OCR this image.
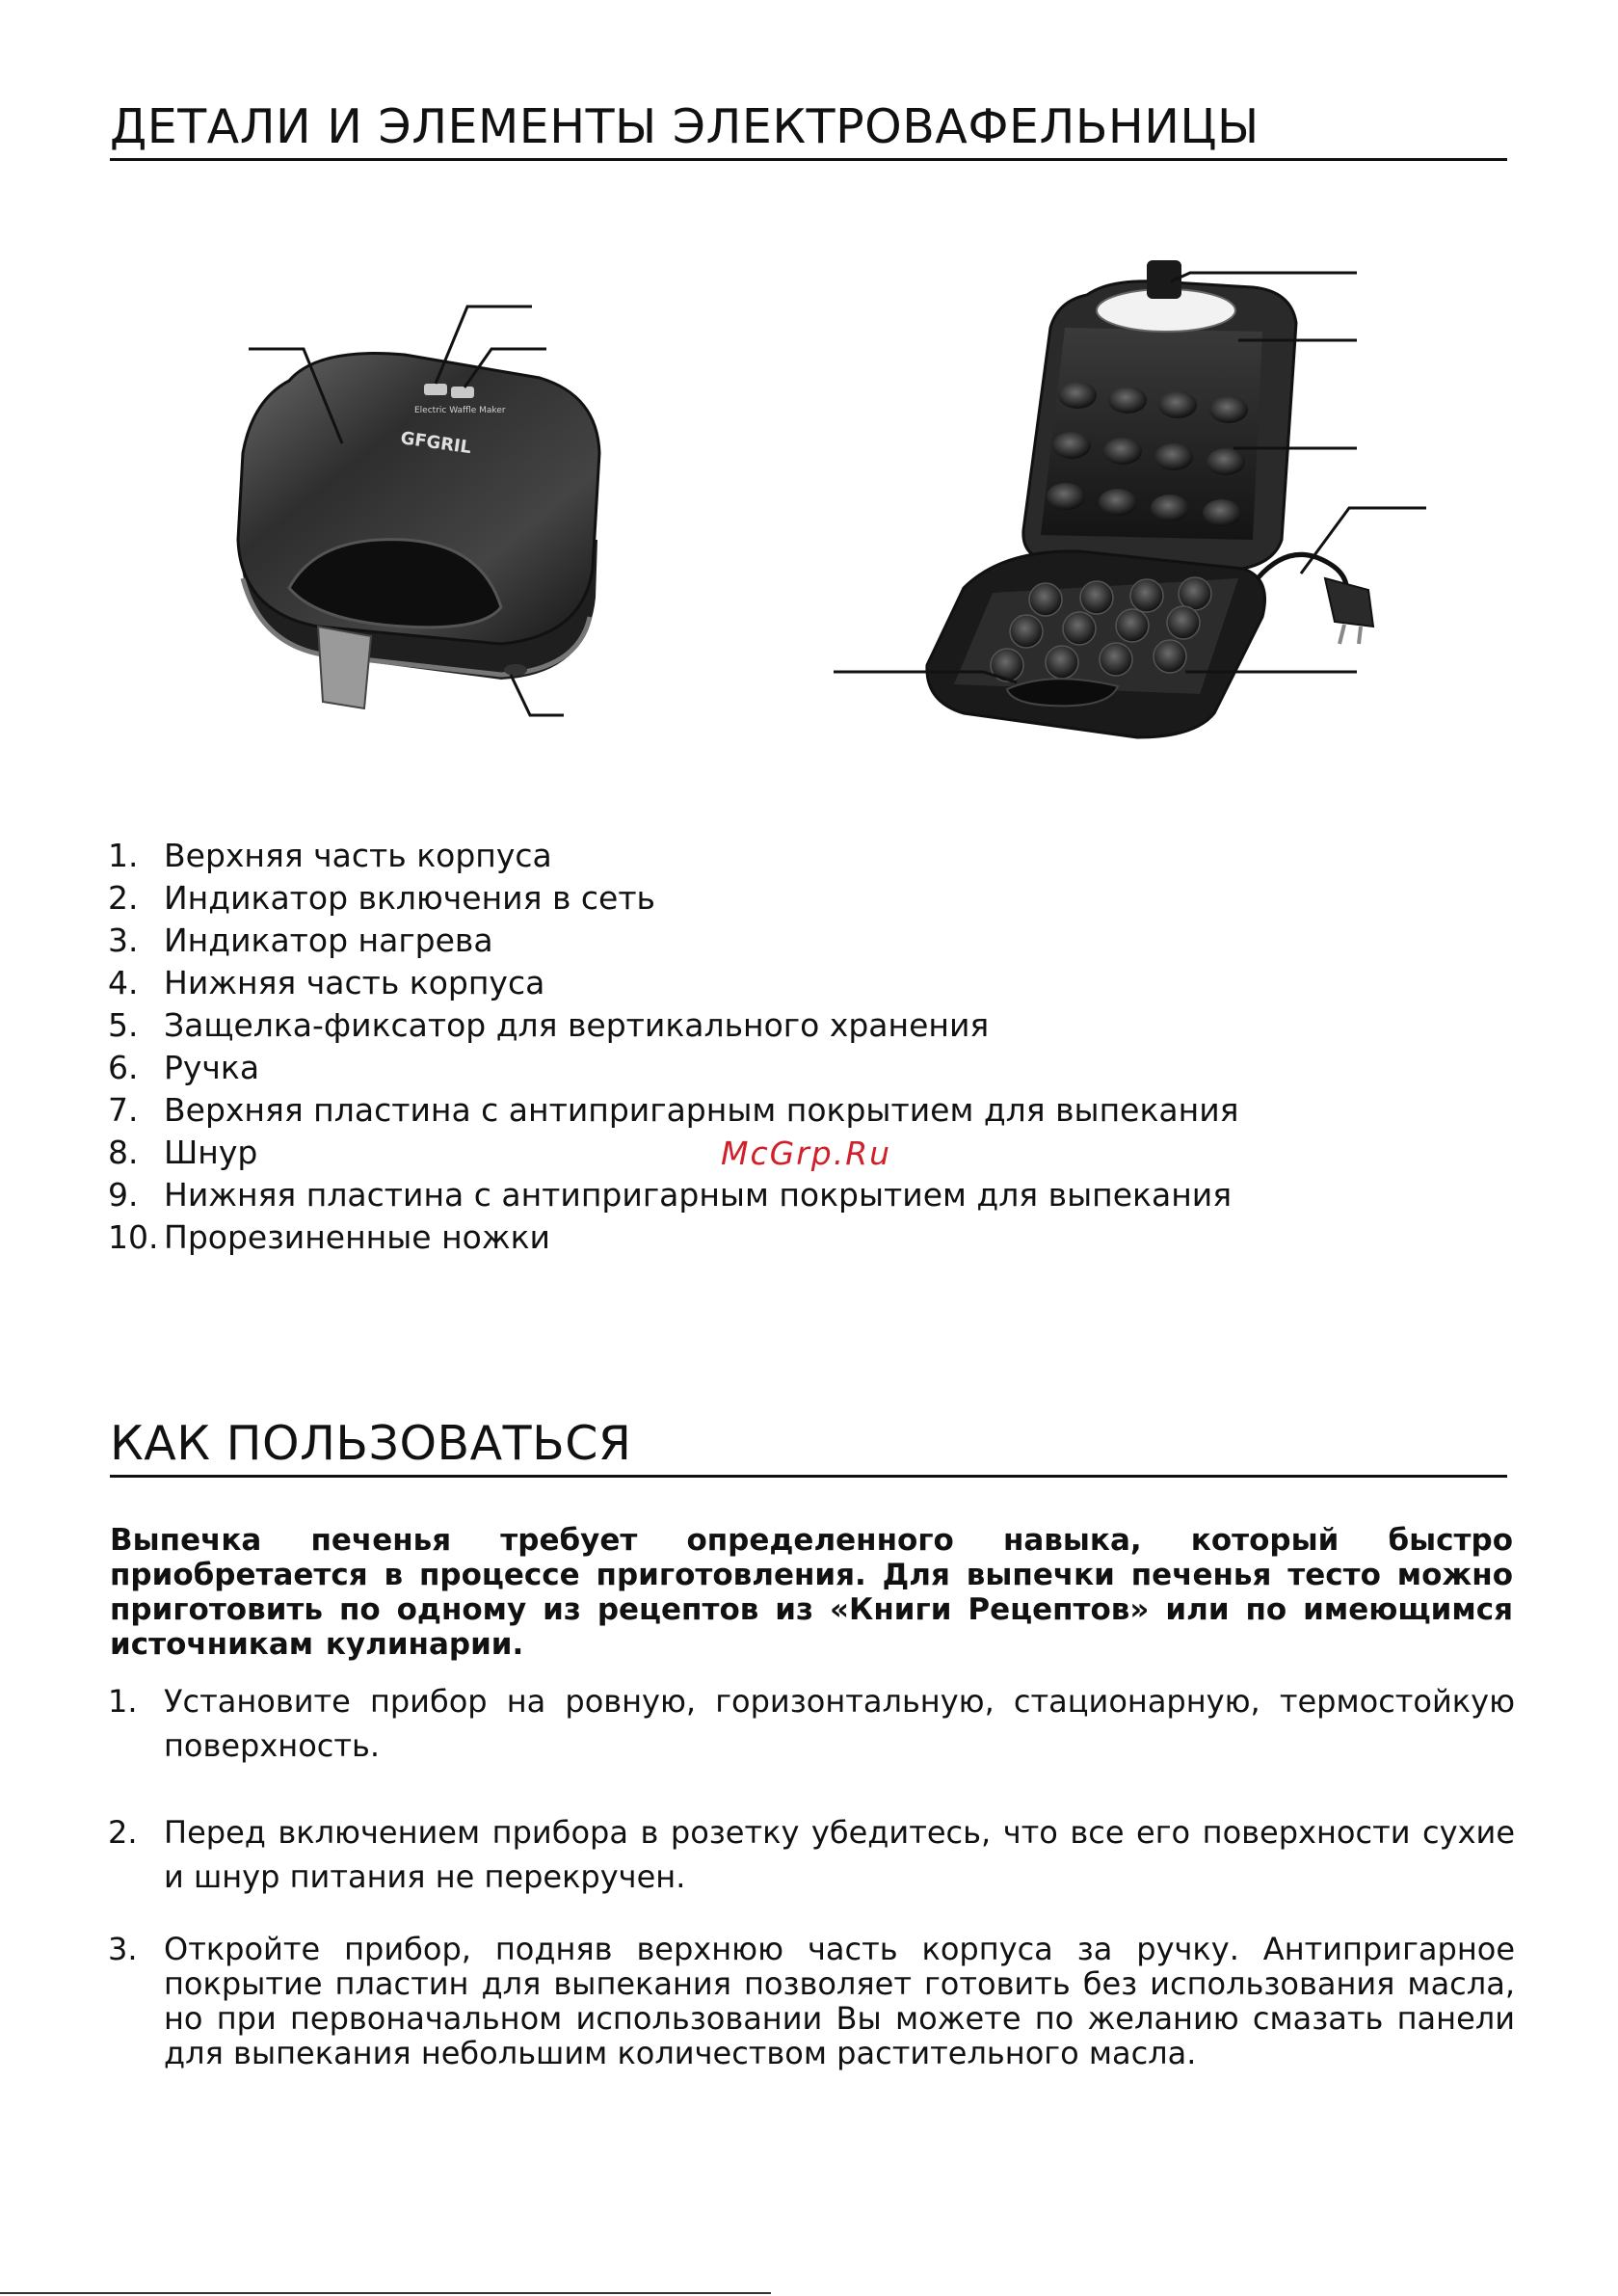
ДЕТАЛИ И ЭЛЕМЕНТЫ ЭЛЕКТРОВАФЕЛЬНИЦЫ
Electric Waffle Maker
GFGRIL
1. Верхняя часть корпуса
2. Индикатор включения в сеть
3. Индикатор нагрева
4. Нижняя часть корпуса
5. Защелка-фиксатор для вертикального хранения
6. Ручка
7. Верхняя пластина с антипригарным покрытием для выпекания
8. Шнур
9. Нижняя пластина с антипригарным покрытием для выпекания
10. Прорезиненные ножки
McGrp.Ru
КАК ПОЛЬЗОВАТЬСЯ

Выпечка печенья требует определенного навыка, который быстро приобретается в процессе приготовления. Для выпечки печенья тесто можно приготовить по одному из рецептов из «Книги Рецептов» или по имеющимся источникам кулинарии.

1. Установите прибор на ровную, горизонтальную, стационарную, термостойкую поверхность.
2. Перед включением прибора в розетку убедитесь, что все его поверхности сухие и шнур питания не перекручен.
3. Откройте прибор, подняв верхнюю часть корпуса за ручку. Антипригарное покрытие пластин для выпекания позволяет готовить без использования масла, но при первоначальном использовании Вы можете по желанию смазать панели для выпекания небольшим количеством растительного масла.
